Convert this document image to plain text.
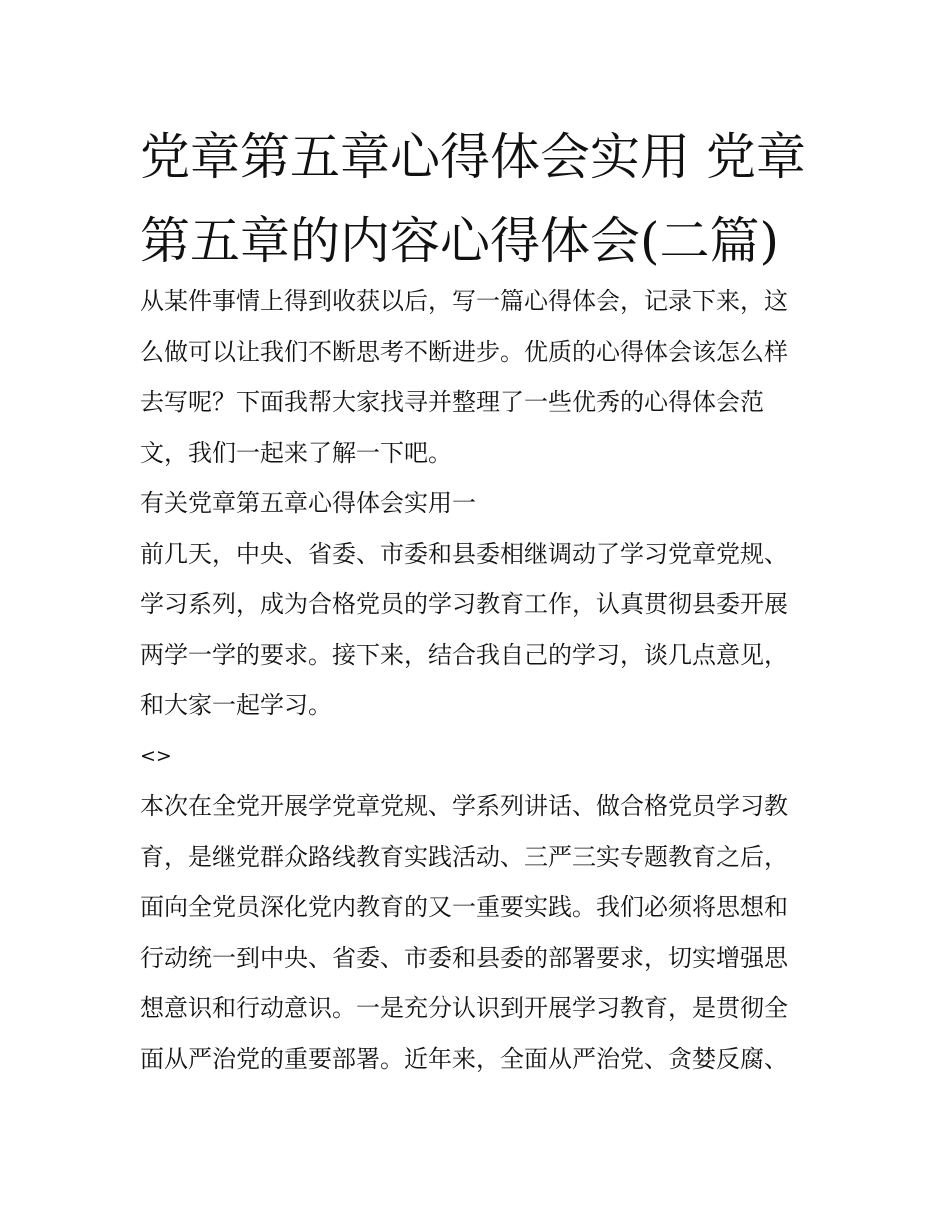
党章第五章心得体会实用 党章
第五章的内容心得体会(二篇)

从某件事情上得到收获以后，写一篇心得体会，记录下来，这
么做可以让我们不断思考不断进步。优质的心得体会该怎么样
去写呢？下面我帮大家找寻并整理了一些优秀的心得体会范
文，我们一起来了解一下吧。

有关党章第五章心得体会实用一

前几天，中央、省委、市委和县委相继调动了学习党章党规、
学习系列，成为合格党员的学习教育工作，认真贯彻县委开展
两学一学的要求。接下来，结合我自己的学习，谈几点意见，
和大家一起学习。

<>

本次在全党开展学党章党规、学系列讲话、做合格党员学习教
育，是继党群众路线教育实践活动、三严三实专题教育之后，
面向全党员深化党内教育的又一重要实践。我们必须将思想和
行动统一到中央、省委、市委和县委的部署要求，切实增强思
想意识和行动意识。一是充分认识到开展学习教育，是贯彻全
面从严治党的重要部署。近年来，全面从严治党、贪婪反腐、
